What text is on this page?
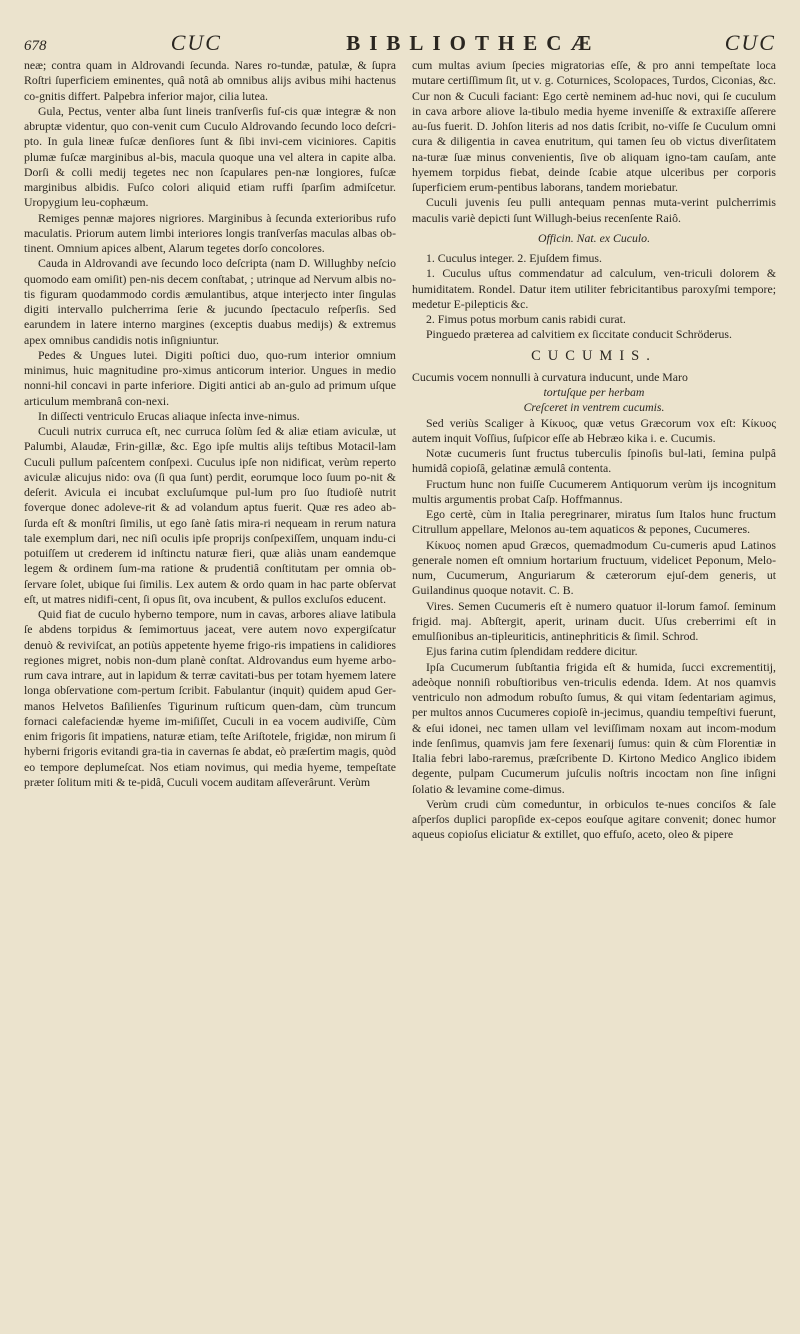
678	CUC	BIBLIOTHECÆ	CUC

neæ; contra quam in Aldrovandi ſecunda. Nares ro-tundæ, patulæ, & ſupra Roſtri ſuperficiem eminentes, quâ notâ ab omnibus alijs avibus mihi hactenus co-gnitis differt. Palpebra inferior major, cilia lutea.

Gula, Pectus, venter alba ſunt lineis tranſverſis fuſ-cis quæ integræ & non abruptæ videntur, quo con-venit cum Cuculo Aldrovando ſecundo loco deſcri-pto. In gula lineæ fuſcæ denſiores ſunt & ſibi invi-cem viciniores. Capitis plumæ fuſcæ marginibus al-bis, macula quoque una vel altera in capite alba. Dorſi & colli medij tegetes nec non ſcapulares pen-næ longiores, fuſcæ marginibus albidis. Fuſco colori aliquid etiam ruffi ſparſim admiſcetur. Uropygium leu-cophæum.

Remiges pennæ majores nigriores. Marginibus à ſecunda exterioribus rufo maculatis. Priorum autem limbi interiores longis tranſverſas maculas albas ob-tinent. Omnium apices albent, Alarum tegetes dorſo concolores.

Cauda in Aldrovandi ave ſecundo loco deſcripta (nam D. Willughby neſcio quomodo eam omiſit) pen-nis decem conſtabat, ; utrinque ad Nervum albis no-tis figuram quodammodo cordis æmulantibus, atque interjecto inter ſingulas digiti intervallo pulcherrima ſerie & jucundo ſpectaculo reſperſis. Sed earundem in latere interno margines (exceptis duabus medijs) & extremus apex omnibus candidis notis inſigniuntur.

Pedes & Ungues lutei. Digiti poſtici duo, quo-rum interior omnium minimus, huic magnitudine pro-ximus anticorum interior. Ungues in medio nonni-hil concavi in parte inferiore. Digiti antici ab an-gulo ad primum uſque articulum membranâ con-nexi.

In diſſecti ventriculo Erucas aliaque inſecta inve-nimus.

Cuculi nutrix curruca eſt, nec curruca ſolùm ſed & aliæ etiam aviculæ, ut Palumbi, Alaudæ, Frin-gillæ, &c. Ego ipſe multis alijs teſtibus Motacil-lam Cuculi pullum paſcentem conſpexi. Cuculus ipſe non nidificat, verùm reperto aviculæ alicujus nido: ova (ſi qua ſunt) perdit, eorumque loco ſuum po-nit & deſerit. Avicula ei incubat excluſumque pul-lum pro ſuo ſtudioſè nutrit foverque donec adoleve-rit & ad volandum aptus fuerit. Quæ res adeo ab-ſurda eſt & monſtri ſimilis, ut ego ſanè ſatis mira-ri nequeam in rerum natura tale exemplum dari, nec niſi oculis ipſe proprijs conſpexiſſem, unquam indu-ci potuiſſem ut crederem id inſtinctu naturæ fieri, quæ aliàs unam eandemque legem & ordinem ſum-ma ratione & prudentiâ conſtitutam per omnia ob-ſervare ſolet, ubique ſui ſimilis. Lex autem & ordo quam in hac parte obſervat eſt, ut matres nidifi-cent, ſi opus ſit, ova incubent, & pullos excluſos educent.

Quid fiat de cuculo hyberno tempore, num in cavas, arbores aliave latibula ſe abdens torpidus & ſemimortuus jaceat, vere autem novo expergiſcatur denuò & reviviſcat, an potiùs appetente hyeme frigo-ris impatiens in calidiores regiones migret, nobis non-dum planè conſtat. Aldrovandus eum hyeme arbo-rum cava intrare, aut in lapidum & terræ cavitati-bus per totam hyemem latere longa obſervatione com-pertum ſcribit. Fabulantur (inquit) quidem apud Ger-manos Helvetos Baſilienſes Tigurinum ruſticum quen-dam, cùm truncum fornaci calefaciendæ hyeme im-miſiſſet, Cuculi in ea vocem audiviſſe, Cùm enim frigoris ſit impatiens, naturæ etiam, teſte Ariſtotele, frigidæ, non mirum ſi hyberni frigoris evitandi gra-tia in cavernas ſe abdat, eò præſertim magis, quòd eo tempore deplumeſcat. Nos etiam novimus, qui media hyeme, tempeſtate præter ſolitum miti & te-pidâ, Cuculi vocem auditam aſſeverârunt. Verùm

cum multas avium ſpecies migratorias eſſe, & pro anni tempeſtate loca mutare certiſſimum ſit, ut v. g. Coturnices, Scolopaces, Turdos, Ciconias, &c. Cur non & Cuculi faciant: Ego certè neminem ad-huc novi, qui ſe cuculum in cava arbore aliove la-tibulo media hyeme inveniſſe & extraxiſſe aſſerere au-ſus fuerit. D. Johſon literis ad nos datis ſcribit, no-viſſe ſe Cuculum omni cura & diligentia in cavea enutritum, qui tamen ſeu ob victus diverſitatem na-turæ ſuæ minus convenientis, ſive ob aliquam igno-tam cauſam, ante hyemem torpidus fiebat, deinde ſcabie atque ulceribus per corporis ſuperficiem erum-pentibus laborans, tandem moriebatur.

Cuculi juvenis ſeu pulli antequam pennas muta-verint pulcherrimis maculis variè depicti ſunt Willugh-beius recenſente Raiô.

Officin. Nat. ex Cuculo.

1. Cuculus integer. 2. Ejuſdem fimus.

1. Cuculus uſtus commendatur ad calculum, ven-triculi dolorem & humiditatem. Rondel. Datur item utiliter febricitantibus paroxyſmi tempore; medetur E-pilepticis &c.

2. Fimus potus morbum canis rabidi curat.

Pinguedo præterea ad calvitiem ex ſiccitate conducit Schröderus.

CUCUMIS.

Cucumis vocem nonnulli à curvatura inducunt, unde Maro

tortuſque per herbam

Creſceret in ventrem cucumis.

Sed veriùs Scaliger à Κίκυος, quæ vetus Græcorum vox eſt: Κίκυος autem inquit Voſſius, ſuſpicor eſſe ab Hebræo kika i. e. Cucumis.

Notæ cucumeris ſunt fructus tuberculis ſpinoſis bul-lati, ſemina pulpâ humidâ copioſâ, gelatinæ æmulâ contenta.

Fructum hunc non fuiſſe Cucumerem Antiquorum verùm ijs incognitum multis argumentis probat Caſp. Hoffmannus.

Ego certè, cùm in Italia peregrinarer, miratus ſum Italos hunc fructum Citrullum appellare, Melonos au-tem aquaticos & pepones, Cucumeres.

Κίκυος nomen apud Græcos, quemadmodum Cu-cumeris apud Latinos generale nomen eſt omnium hortarium fructuum, videlicet Peponum, Melo-num, Cucumerum, Anguriarum & cæterorum ejuſ-dem generis, ut Guilandinus quoque notavit. C. B.

Vires. Semen Cucumeris eſt è numero quatuor il-lorum famoſ. ſeminum frigid. maj. Abſtergit, aperit, urinam ducit. Uſus creberrimi eſt in emulſionibus an-tipleuriticis, antinephriticis & ſimil. Schrod.

Ejus farina cutim ſplendidam reddere dicitur.

Ipſa Cucumerum ſubſtantia frigida eſt & humida, ſucci excrementitij, adeòque nonniſi robuſtioribus ven-triculis edenda. Idem. At nos quamvis ventriculo non admodum robuſto ſumus, & qui vitam ſedentariam agimus, per multos annos Cucumeres copioſè in-jecimus, quandiu tempeſtivi fuerunt, & eſui idonei, nec tamen ullam vel leviſſimam noxam aut incom-modum inde ſenſimus, quamvis jam fere ſexenarij ſumus: quin & cùm Florentiæ in Italia febri labo-raremus, præſcribente D. Kirtono Medico Anglico ibidem degente, pulpam Cucumerum juſculis noſtris incoctam non ſine inſigni ſolatio & levamine come-dimus.

Verùm crudi cùm comeduntur, in orbiculos te-nues conciſos & ſale aſperſos duplici paropſide ex-cepos eouſque agitare convenit; donec humor aqueus copioſus eliciatur & extillet, quo effuſo, aceto, oleo & pipere
